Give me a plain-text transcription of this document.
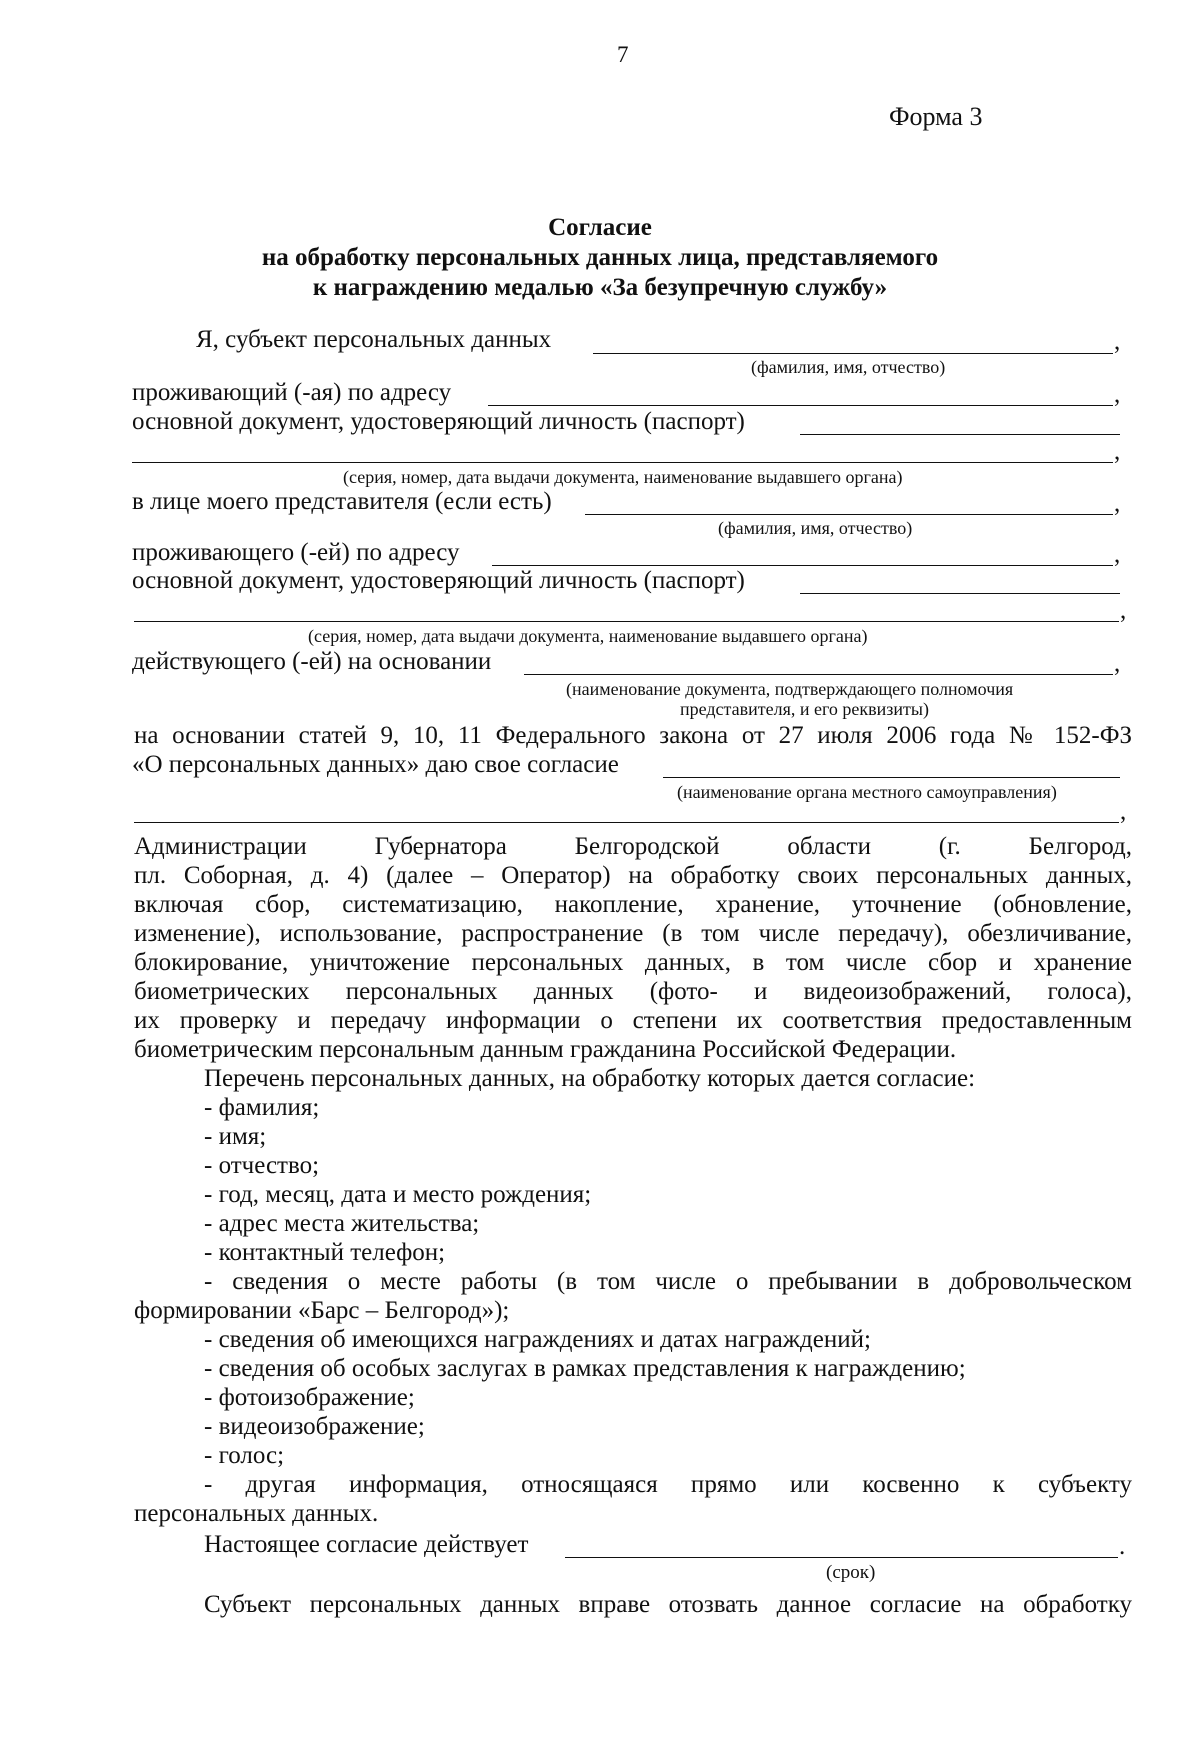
7
Форма 3
Согласие
на обработку персональных данных лица, представляемого
к награждению медалью «За безупречную службу»
Я, субъект персональных данных	,
(фамилия, имя, отчество)
проживающий (-ая) по адресу	,
основной документ, удостоверяющий личность (паспорт)
,
(серия, номер, дата выдачи документа, наименование выдавшего органа)
в лице моего представителя (если есть)	,
(фамилия, имя, отчество)
проживающего (-ей) по адресу	,
основной документ, удостоверяющий личность (паспорт)
,
(серия, номер, дата выдачи документа, наименование выдавшего органа)
действующего (-ей) на основании	,
(наименование документа, подтверждающего полномочия
представителя, и его реквизиты)
на основании статей 9, 10, 11 Федерального закона от 27 июля 2006 года № 152-ФЗ
«О персональных данных» даю свое согласие
(наименование органа местного самоуправления)
,
Администрации	Губернатора	Белгородской	области	(г.	Белгород,
пл. Соборная, д. 4) (далее – Оператор) на обработку своих персональных данных,
включая сбор, систематизацию, накопление, хранение, уточнение (обновление,
изменение), использование, распространение (в том числе передачу), обезличивание,
блокирование, уничтожение персональных данных, в том числе сбор и хранение
биометрических персональных данных (фото- и видеоизображений, голоса),
их проверку и передачу информации о степени их соответствия предоставленным
биометрическим персональным данным гражданина Российской Федерации.
Перечень персональных данных, на обработку которых дается согласие:
- фамилия;
- имя;
- отчество;
- год, месяц, дата и место рождения;
- адрес места жительства;
- контактный телефон;
- сведения о месте работы (в том числе о пребывании в добровольческом
формировании «Барс – Белгород»);
- сведения об имеющихся награждениях и датах награждений;
- сведения об особых заслугах в рамках представления к награждению;
- фотоизображение;
- видеоизображение;
- голос;
- другая информация, относящаяся прямо или косвенно к субъекту
персональных данных.
Настоящее согласие действует	.
(срок)
Субъект персональных данных вправе отозвать данное согласие на обработку
